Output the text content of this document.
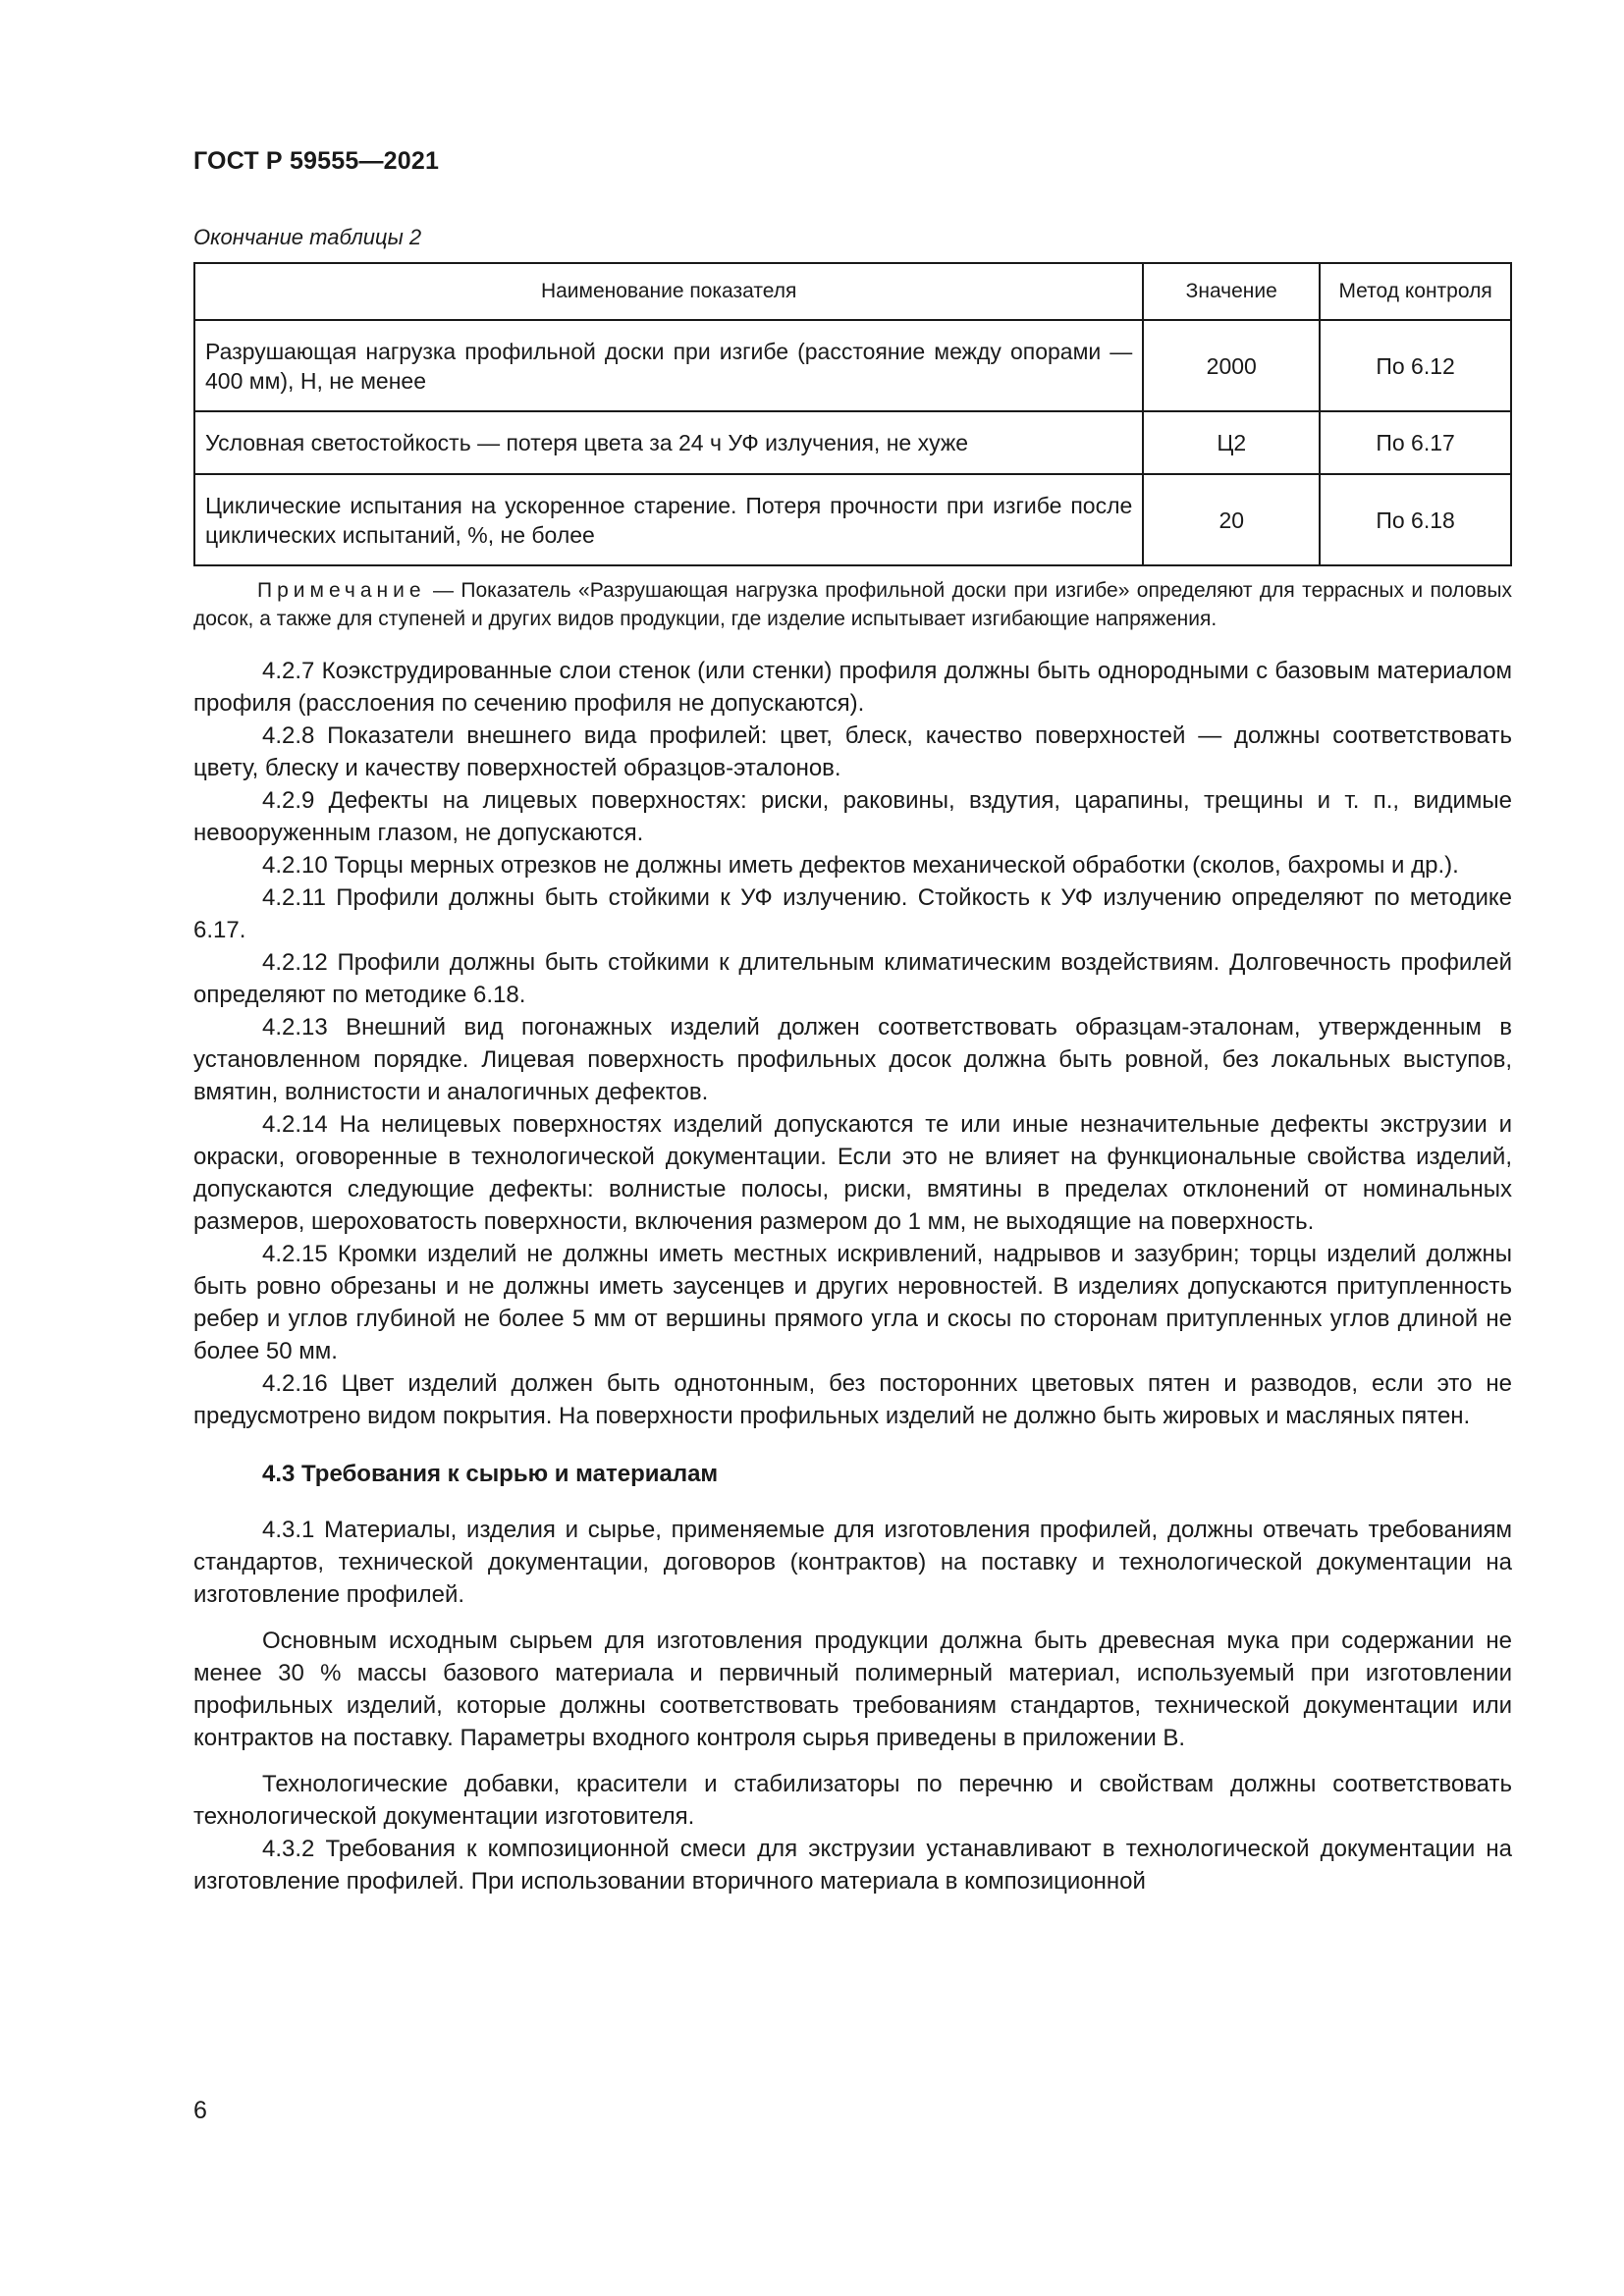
ГОСТ Р 59555—2021
Окончание таблицы 2
Наименование показателя	Значение	Метод контроля
Разрушающая нагрузка профильной доски при изгибе (расстояние между опорами — 400 мм), Н, не менее	2000	По 6.12
Условная светостойкость — потеря цвета за 24 ч УФ излучения, не хуже	Ц2	По 6.17
Циклические испытания на ускоренное старение. Потеря прочности при изгибе после циклических испытаний, %, не более	20	По 6.18

Примечание — Показатель «Разрушающая нагрузка профильной доски при изгибе» определяют для террасных и половых досок, а также для ступеней и других видов продукции, где изделие испытывает изгибающие напряжения.

4.2.7 Коэкструдированные слои стенок (или стенки) профиля должны быть однородными с базовым материалом профиля (расслоения по сечению профиля не допускаются).

4.2.8 Показатели внешнего вида профилей: цвет, блеск, качество поверхностей — должны соответствовать цвету, блеску и качеству поверхностей образцов-эталонов.

4.2.9 Дефекты на лицевых поверхностях: риски, раковины, вздутия, царапины, трещины и т. п., видимые невооруженным глазом, не допускаются.

4.2.10 Торцы мерных отрезков не должны иметь дефектов механической обработки (сколов, бахромы и др.).

4.2.11 Профили должны быть стойкими к УФ излучению. Стойкость к УФ излучению определяют по методике 6.17.

4.2.12 Профили должны быть стойкими к длительным климатическим воздействиям. Долговечность профилей определяют по методике 6.18.

4.2.13 Внешний вид погонажных изделий должен соответствовать образцам-эталонам, утвержденным в установленном порядке. Лицевая поверхность профильных досок должна быть ровной, без локальных выступов, вмятин, волнистости и аналогичных дефектов.

4.2.14 На нелицевых поверхностях изделий допускаются те или иные незначительные дефекты экструзии и окраски, оговоренные в технологической документации. Если это не влияет на функциональные свойства изделий, допускаются следующие дефекты: волнистые полосы, риски, вмятины в пределах отклонений от номинальных размеров, шероховатость поверхности, включения размером до 1 мм, не выходящие на поверхность.

4.2.15 Кромки изделий не должны иметь местных искривлений, надрывов и зазубрин; торцы изделий должны быть ровно обрезаны и не должны иметь заусенцев и других неровностей. В изделиях допускаются притупленность ребер и углов глубиной не более 5 мм от вершины прямого угла и скосы по сторонам притупленных углов длиной не более 50 мм.

4.2.16 Цвет изделий должен быть однотонным, без посторонних цветовых пятен и разводов, если это не предусмотрено видом покрытия. На поверхности профильных изделий не должно быть жировых и масляных пятен.

4.3 Требования к сырью и материалам

4.3.1 Материалы, изделия и сырье, применяемые для изготовления профилей, должны отвечать требованиям стандартов, технической документации, договоров (контрактов) на поставку и технологической документации на изготовление профилей.

Основным исходным сырьем для изготовления продукции должна быть древесная мука при содержании не менее 30 % массы базового материала и первичный полимерный материал, используемый при изготовлении профильных изделий, которые должны соответствовать требованиям стандартов, технической документации или контрактов на поставку. Параметры входного контроля сырья приведены в приложении В.

Технологические добавки, красители и стабилизаторы по перечню и свойствам должны соответствовать технологической документации изготовителя.

4.3.2 Требования к композиционной смеси для экструзии устанавливают в технологической документации на изготовление профилей. При использовании вторичного материала в композиционной

6
